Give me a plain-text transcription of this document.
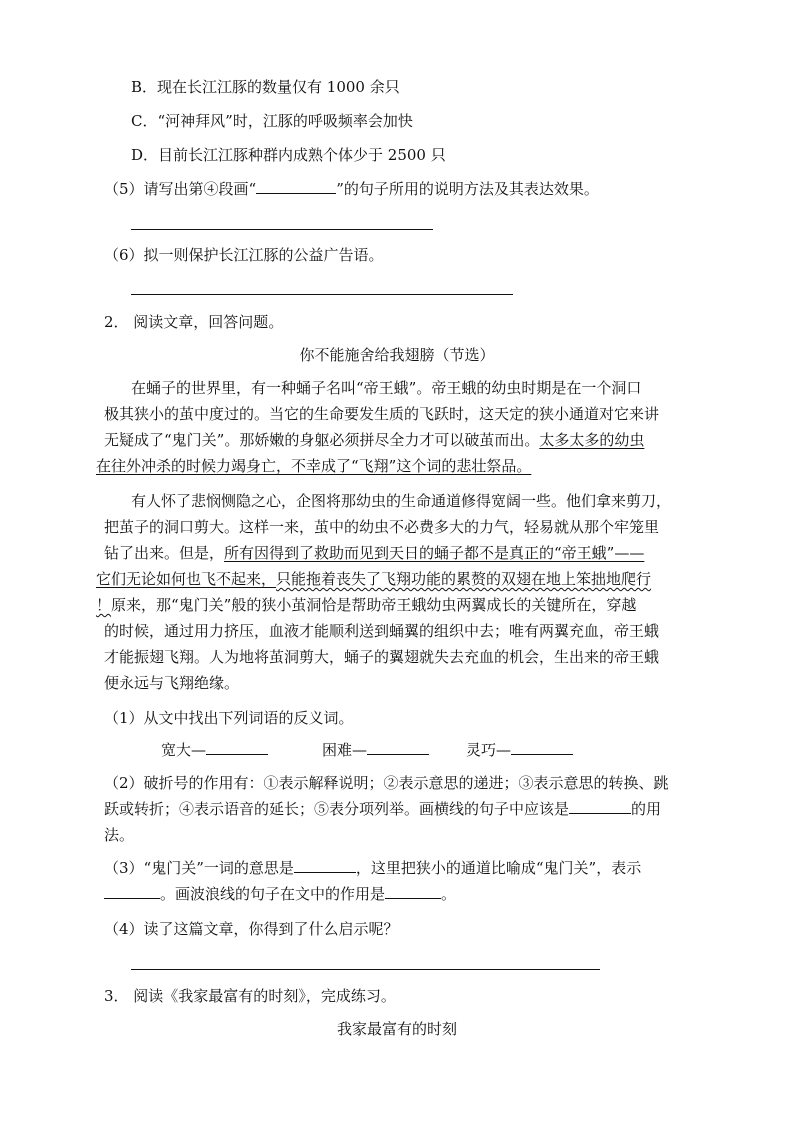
B．现在长江江豚的数量仅有 1000 余只
C．“河神拜风”时，江豚的呼吸频率会加快
D．目前长江江豚种群内成熟个体少于 2500 只
（5）请写出第④段画“	”的句子所用的说明方法及其表达效果。
（6）拟一则保护长江江豚的公益广告语。
2． 阅读文章，回答问题。
你不能施舍给我翅膀（节选）
在蛹子的世界里，有一种蛹子名叫“帝王蛾”。帝王蛾的幼虫时期是在一个洞口
极其狭小的茧中度过的。当它的生命要发生质的飞跃时，这天定的狭小通道对它来讲
无疑成了“鬼门关”。那娇嫩的身躯必须拼尽全力才可以破茧而出。太多太多的幼虫
在往外冲杀的时候力竭身亡，不幸成了“飞翔”这个词的悲壮祭品。
有人怀了悲悯恻隐之心，企图将那幼虫的生命通道修得宽阔一些。他们拿来剪刀，
把茧子的洞口剪大。这样一来，茧中的幼虫不必费多大的力气，轻易就从那个牢笼里
钻了出来。但是，所有因得到了救助而见到天日的蛹子都不是真正的“帝王蛾”——
它们无论如何也飞不起来，只能拖着丧失了飞翔功能的累赘的双翅在地上笨拙地爬行
！原来，那“鬼门关”般的狭小茧洞恰是帮助帝王蛾幼虫两翼成长的关键所在，穿越
的时候，通过用力挤压，血液才能顺利送到蛹翼的组织中去；唯有两翼充血，帝王蛾
才能振翅飞翔。人为地将茧洞剪大，蛹子的翼翅就失去充血的机会，生出来的帝王蛾
便永远与飞翔绝缘。
（1）从文中找出下列词语的反义词。
宽大—	困难—	灵巧—
（2）破折号的作用有：①表示解释说明；②表示意思的递进；③表示意思的转换、跳
跃或转折；④表示语音的延长；⑤表分项列举。画横线的句子中应该是	的用
法。
（3）“鬼门关”一词的意思是	，这里把狭小的通道比喻成“鬼门关”，表示
。画波浪线的句子在文中的作用是	。
（4）读了这篇文章，你得到了什么启示呢？
3． 阅读《我家最富有的时刻》，完成练习。
我家最富有的时刻
